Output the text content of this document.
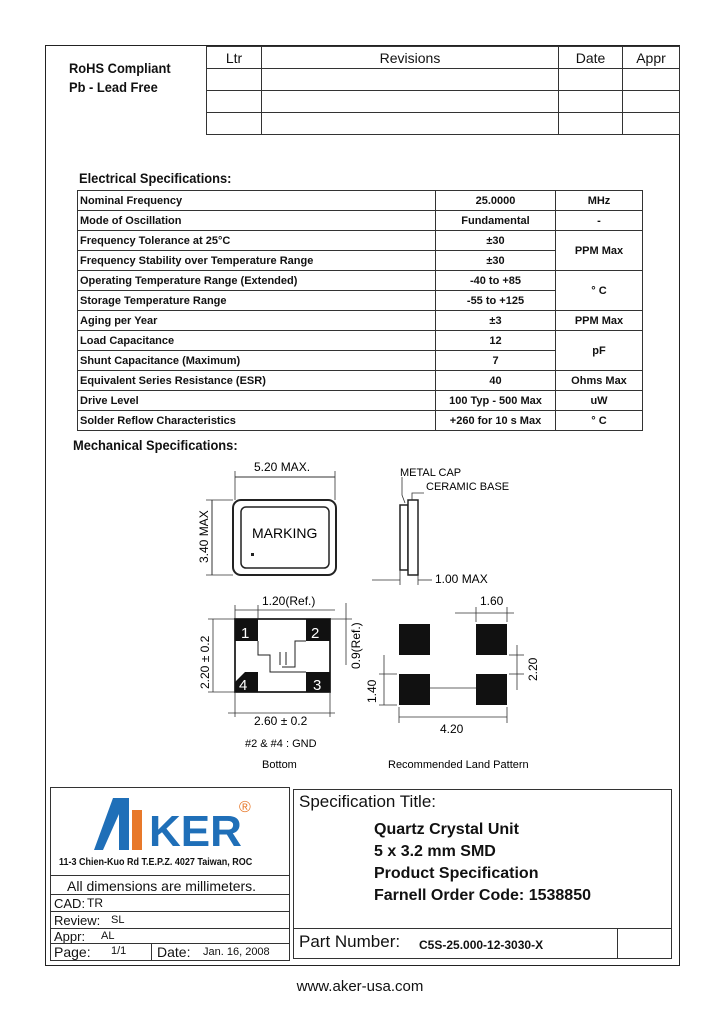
RoHS Compliant
Pb - Lead Free
Ltr	Revisions	Date	Appr

Electrical Specifications:
Nominal Frequency	25.0000	MHz
Mode of Oscillation	Fundamental	-
Frequency Tolerance at 25°C	±30	PPM Max
Frequency Stability over Temperature Range	±30	
Operating Temperature Range (Extended)	-40 to +85	° C
Storage Temperature Range	-55 to +125	
Aging per Year	±3	PPM Max
Load Capacitance	12	pF
Shunt Capacitance (Maximum)	7	
Equivalent Series Resistance (ESR)	40	Ohms Max
Drive Level	100 Typ - 500 Max	uW
Solder Reflow Characteristics	+260 for 10 s Max	° C
Mechanical Specifications:
5.20 MAX.
3.40 MAX	MARKING
METAL CAP
CERAMIC BASE
1.00 MAX
1.20(Ref.)
0.9(Ref.)
2.20 ± 0.2
2.60 ± 0.2
1	2
3
4
#2 & #4 : GND
Bottom
1.60
2.20
1.40
4.20
Recommended Land Pattern
KER
®
11-3 Chien-Kuo Rd T.E.P.Z. 4027 Taiwan, ROC
All dimensions are millimeters.
CAD: TR
Review: SL
Appr: AL
Page: 1/1 Date: Jan. 16, 2008
Specification Title:
Quartz Crystal Unit
5 x 3.2 mm SMD
Product Specification
Farnell Order Code: 1538850
Part Number: C5S-25.000-12-3030-X
www.aker-usa.com
